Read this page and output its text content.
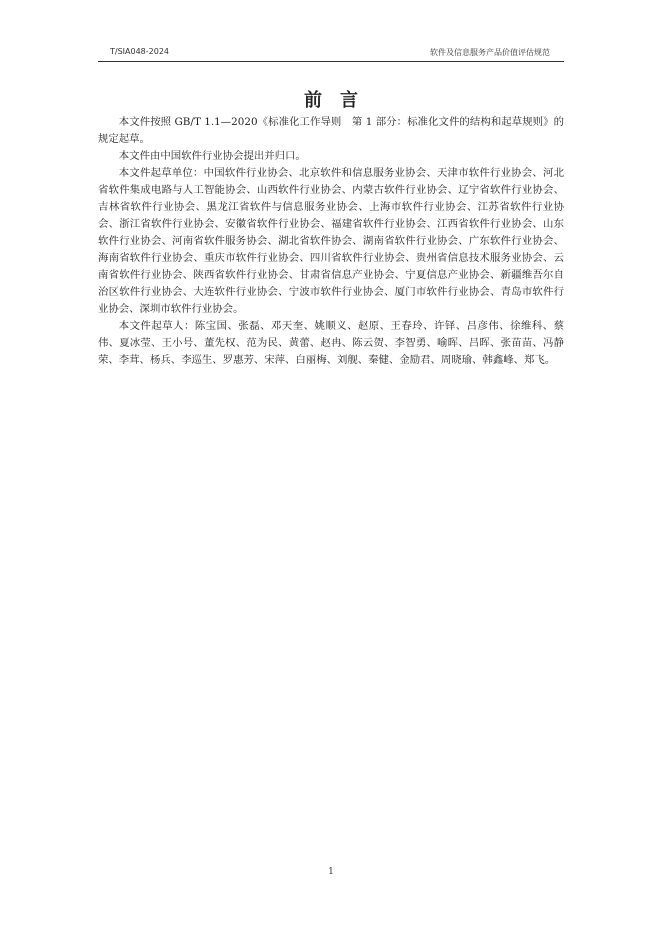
T/SIA048-2024	软件及信息服务产品价值评估规范
前言

本文件按照 GB/T 1.1—2020《标准化工作导则　第 1 部分：标准化文件的结构和起草规则》的规定起草。

本文件由中国软件行业协会提出并归口。

本文件起草单位：中国软件行业协会、北京软件和信息服务业协会、天津市软件行业协会、河北省软件集成电路与人工智能协会、山西软件行业协会、内蒙古软件行业协会、辽宁省软件行业协会、吉林省软件行业协会、黑龙江省软件与信息服务业协会、上海市软件行业协会、江苏省软件行业协会、浙江省软件行业协会、安徽省软件行业协会、福建省软件行业协会、江西省软件行业协会、山东软件行业协会、河南省软件服务协会、湖北省软件协会、湖南省软件行业协会、广东软件行业协会、海南省软件行业协会、重庆市软件行业协会、四川省软件行业协会、贵州省信息技术服务业协会、云南省软件行业协会、陕西省软件行业协会、甘肃省信息产业协会、宁夏信息产业协会、新疆维吾尔自治区软件行业协会、大连软件行业协会、宁波市软件行业协会、厦门市软件行业协会、青岛市软件行业协会、深圳市软件行业协会。

本文件起草人：陈宝国、张磊、邓天奎、姚顺义、赵原、王春玲、许铎、吕彦伟、徐维科、蔡伟、夏冰莹、王小号、董先权、范为民、黄蕾、赵冉、陈云贺、李智勇、喻晖、吕晖、张苗苗、冯静荣、李茸、杨兵、李巡生、罗惠芳、宋萍、白丽梅、刘舰、秦健、金励君、周晓瑜、韩鑫峰、郑飞。

1
